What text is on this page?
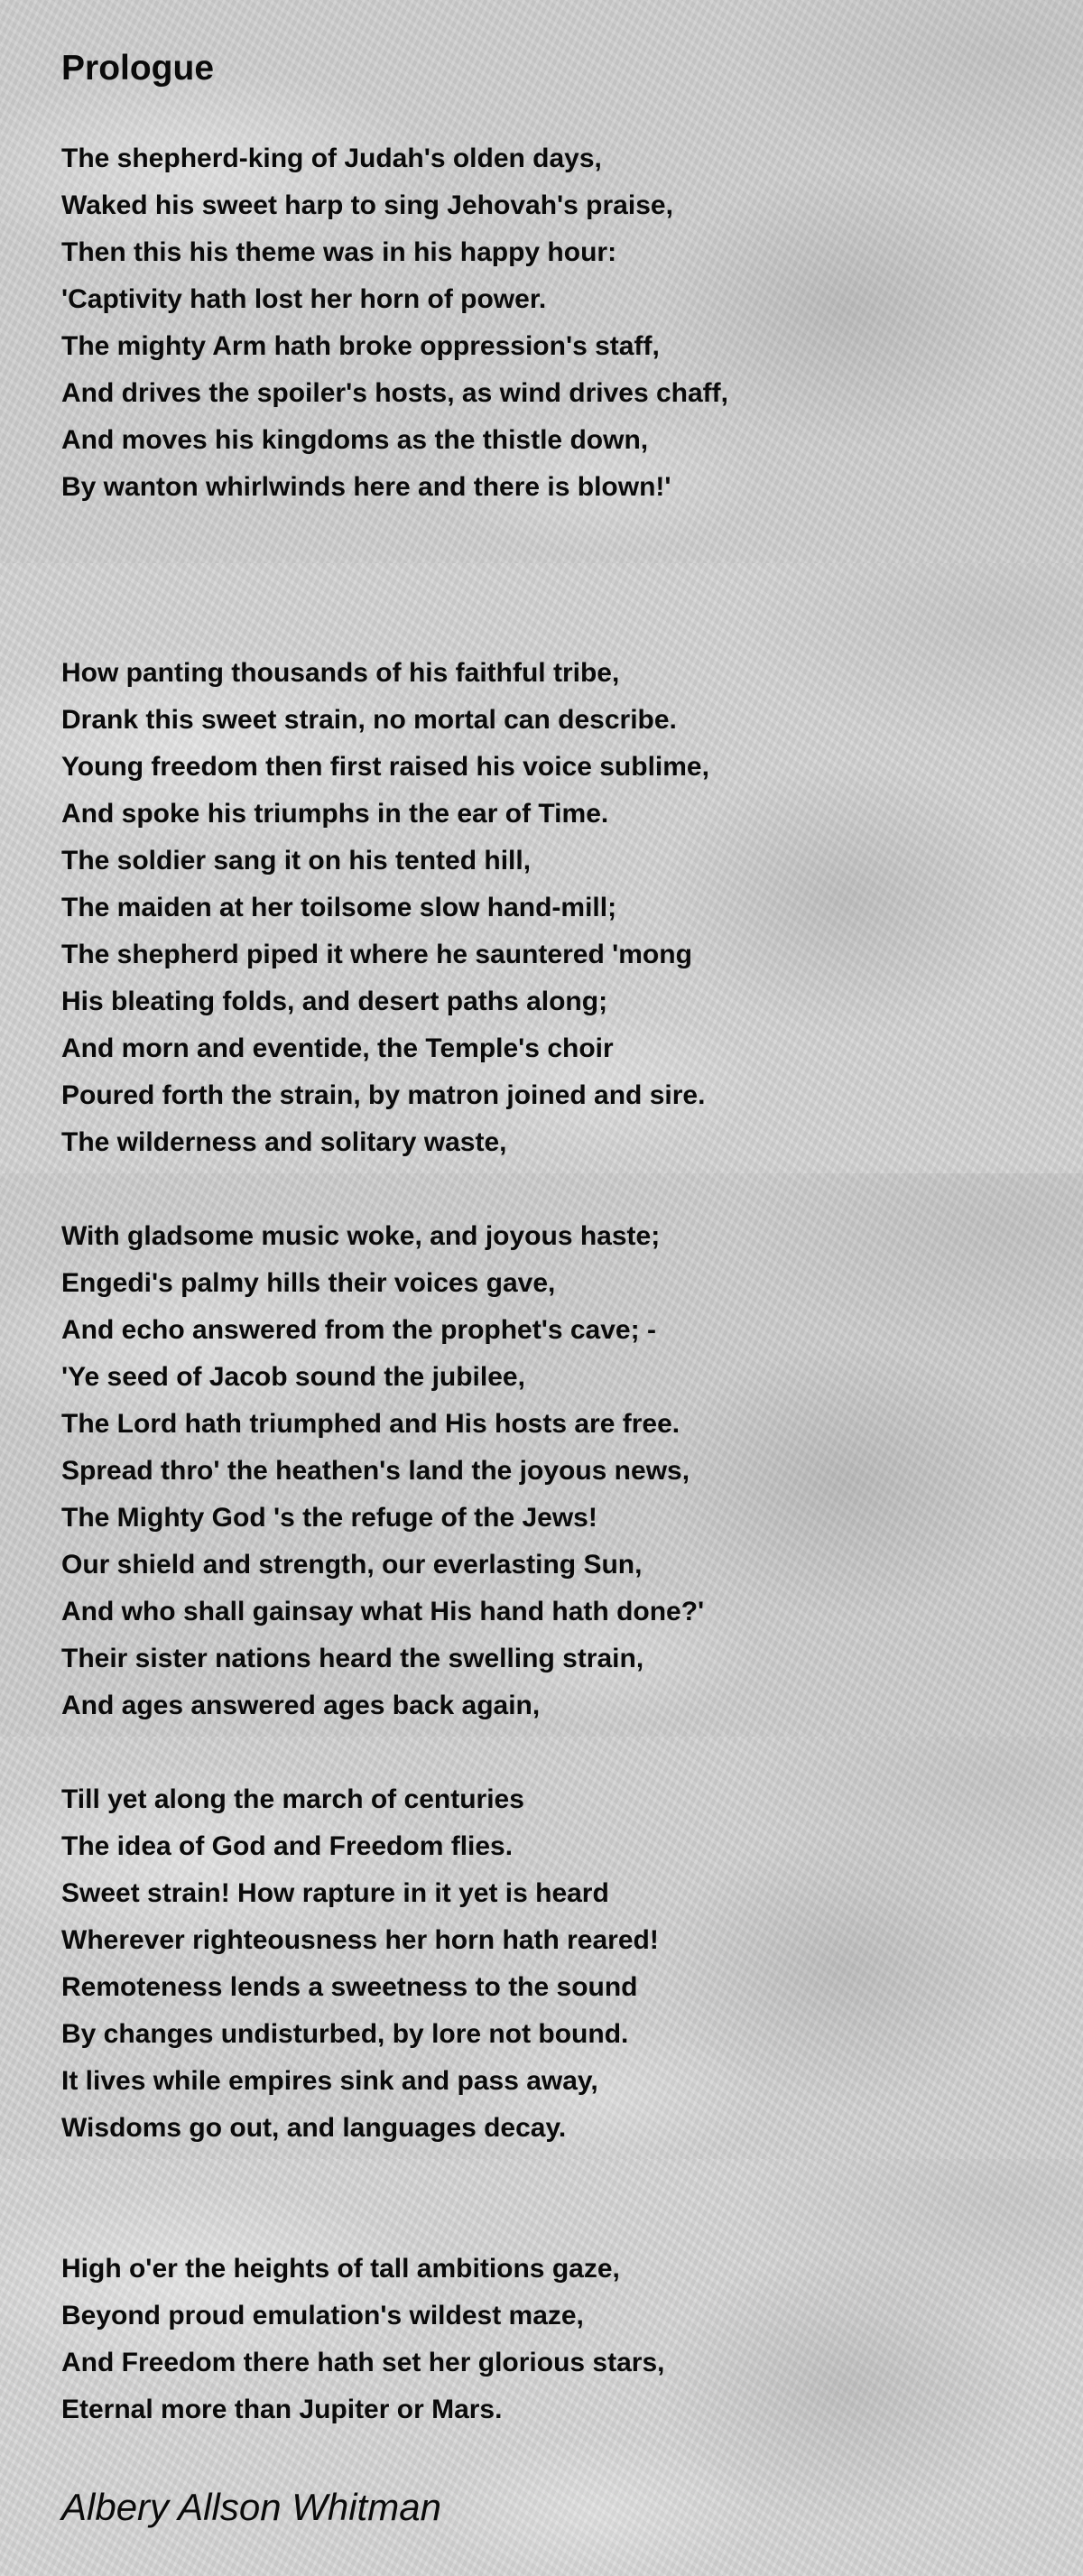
Prologue
The shepherd-king of Judah's olden days,
Waked his sweet harp to sing Jehovah's praise,
Then this his theme was in his happy hour:
'Captivity hath lost her horn of power.
The mighty Arm hath broke oppression's staff,
And drives the spoiler's hosts, as wind drives chaff,
And moves his kingdoms as the thistle down,
By wanton whirlwinds here and there is blown!'
How panting thousands of his faithful tribe,
Drank this sweet strain, no mortal can describe.
Young freedom then first raised his voice sublime,
And spoke his triumphs in the ear of Time.
The soldier sang it on his tented hill,
The maiden at her toilsome slow hand-mill;
The shepherd piped it where he sauntered 'mong
His bleating folds, and desert paths along;
And morn and eventide, the Temple's choir
Poured forth the strain, by matron joined and sire.
The wilderness and solitary waste,
With gladsome music woke, and joyous haste;
Engedi's palmy hills their voices gave,
And echo answered from the prophet's cave; -
'Ye seed of Jacob sound the jubilee,
The Lord hath triumphed and His hosts are free.
Spread thro' the heathen's land the joyous news,
The Mighty God 's the refuge of the Jews!
Our shield and strength, our everlasting Sun,
And who shall gainsay what His hand hath done?'
Their sister nations heard the swelling strain,
And ages answered ages back again,
Till yet along the march of centuries
The idea of God and Freedom flies.
Sweet strain! How rapture in it yet is heard
Wherever righteousness her horn hath reared!
Remoteness lends a sweetness to the sound
By changes undisturbed, by lore not bound.
It lives while empires sink and pass away,
Wisdoms go out, and languages decay.
High o'er the heights of tall ambitions gaze,
Beyond proud emulation's wildest maze,
And Freedom there hath set her glorious stars,
Eternal more than Jupiter or Mars.

Albery Allson Whitman
